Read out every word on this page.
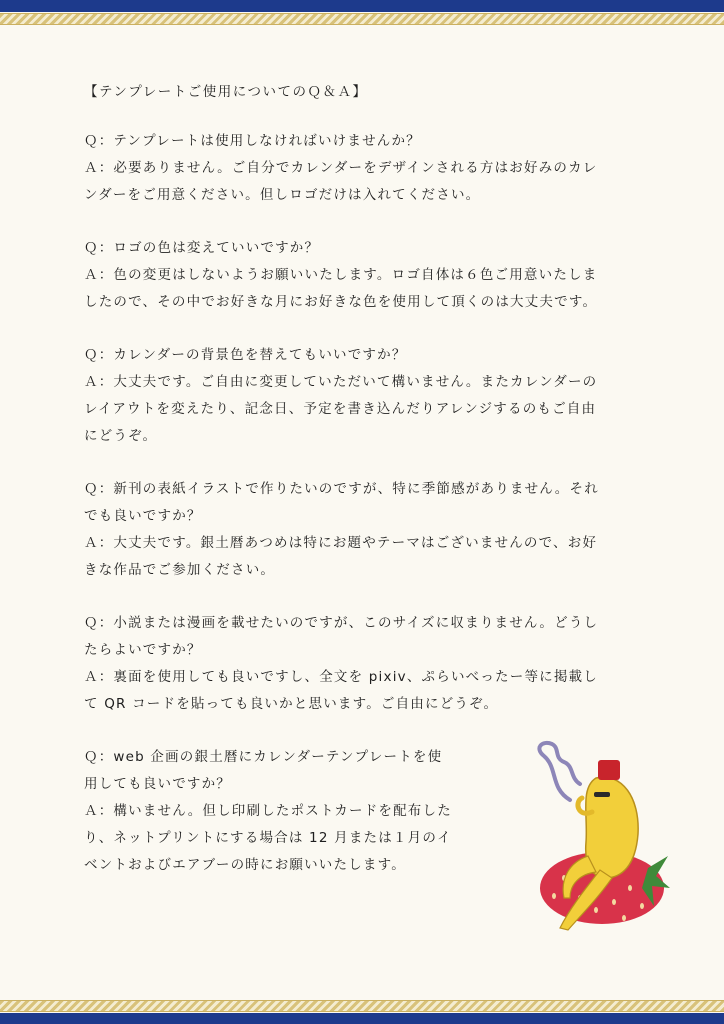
【テンプレートご使用についてのＱ＆Ａ】
Ｑ：テンプレートは使用しなければいけませんか？
Ａ：必要ありません。ご自分でカレンダーをデザインされる方はお好みのカレ
ンダーをご用意ください。但しロゴだけは入れてください。
Ｑ：ロゴの色は変えていいですか？
Ａ：色の変更はしないようお願いいたします。ロゴ自体は６色ご用意いたしま
したので、その中でお好きな月にお好きな色を使用して頂くのは大丈夫です。
Ｑ：カレンダーの背景色を替えてもいいですか？
Ａ：大丈夫です。ご自由に変更していただいて構いません。またカレンダーの
レイアウトを変えたり、記念日、予定を書き込んだりアレンジするのもご自由
にどうぞ。
Ｑ：新刊の表紙イラストで作りたいのですが、特に季節感がありません。それ
でも良いですか？
Ａ：大丈夫です。銀土暦あつめは特にお題やテーマはございませんので、お好
きな作品でご参加ください。
Ｑ：小説または漫画を載せたいのですが、このサイズに収まりません。どうし
たらよいですか？
Ａ：裏面を使用しても良いですし、全文を pixiv、ぷらいべったー等に掲載し
て QR コードを貼っても良いかと思います。ご自由にどうぞ。
Ｑ：web 企画の銀土暦にカレンダーテンプレートを使
用しても良いですか？
Ａ：構いません。但し印刷したポストカードを配布した
り、ネットプリントにする場合は 12 月または１月のイ
ベントおよびエアブーの時にお願いいたします。
